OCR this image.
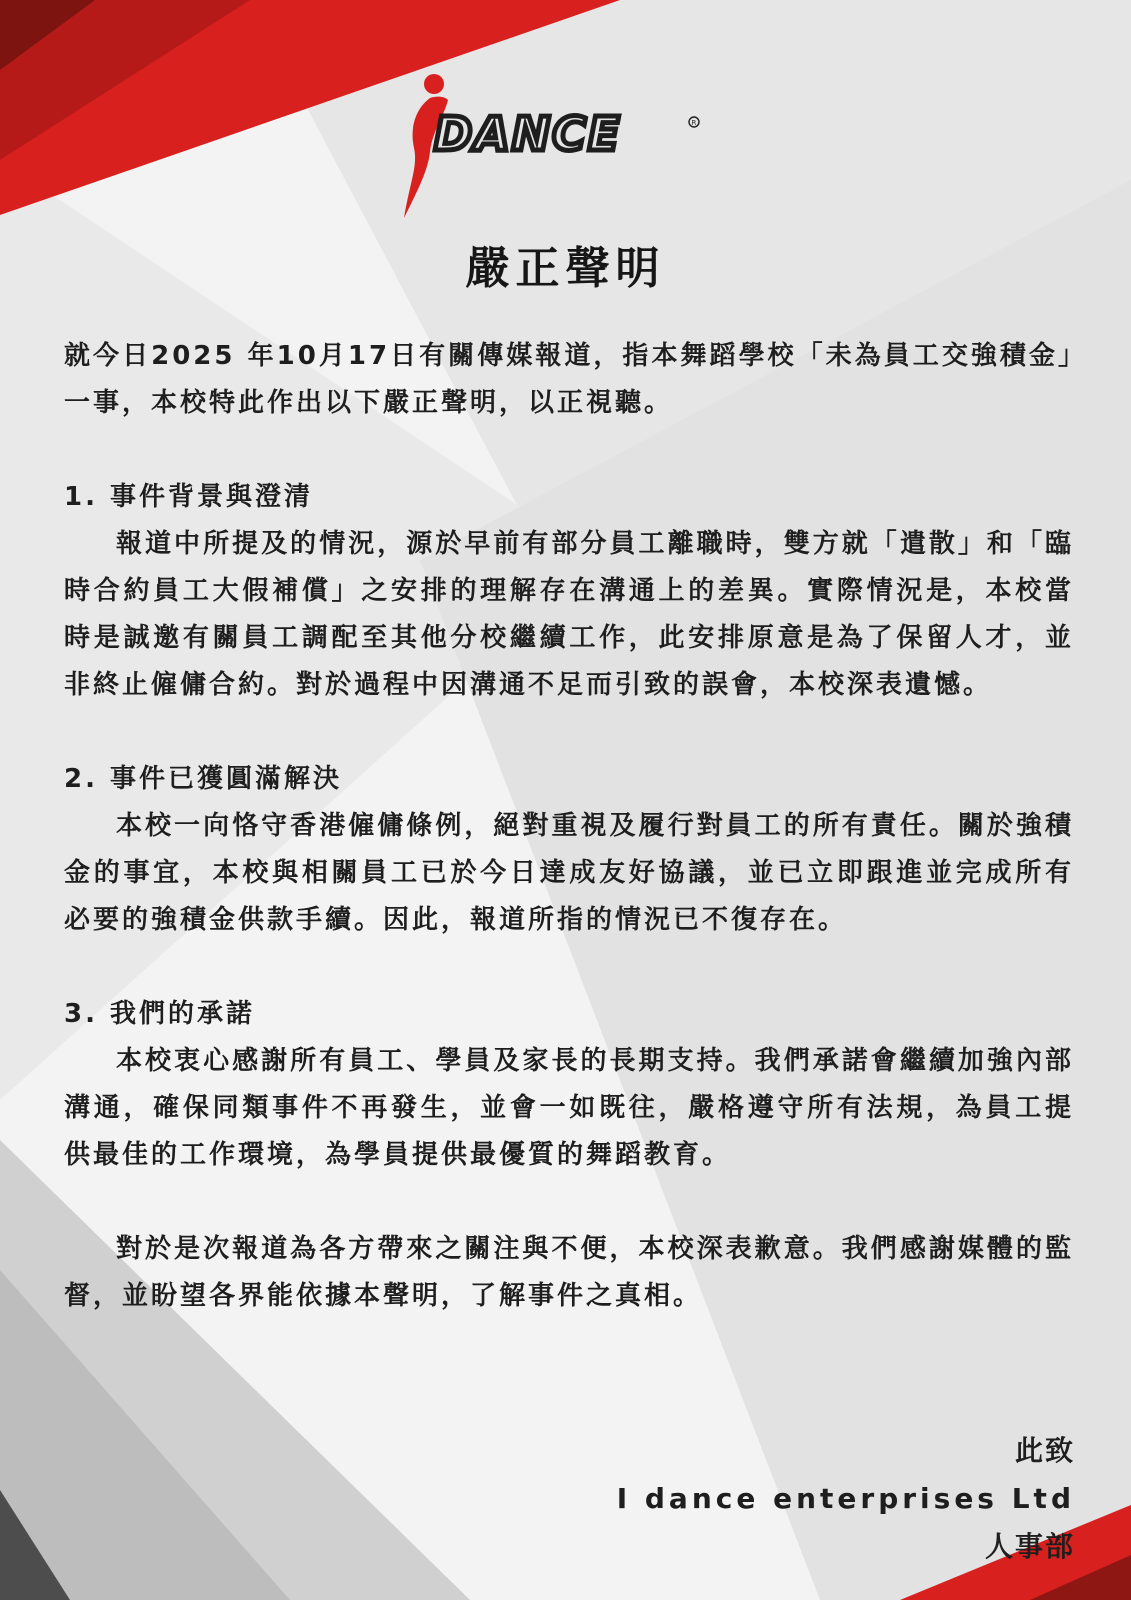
DANCE	R
嚴正聲明

就今日2025 年10月17日有關傳媒報道，指本舞蹈學校「未為員工交強積金」一事，本校特此作出以下嚴正聲明，以正視聽。

1. 事件背景與澄清

報道中所提及的情況，源於早前有部分員工離職時，雙方就「遣散」和「臨時合約員工大假補償」之安排的理解存在溝通上的差異。實際情況是，本校當時是誠邀有關員工調配至其他分校繼續工作，此安排原意是為了保留人才，並非終止僱傭合約。對於過程中因溝通不足而引致的誤會，本校深表遺憾。

2. 事件已獲圓滿解決

本校一向恪守香港僱傭條例，絕對重視及履行對員工的所有責任。關於強積金的事宜，本校與相關員工已於今日達成友好協議，並已立即跟進並完成所有必要的強積金供款手續。因此，報道所指的情況已不復存在。

3. 我們的承諾

本校衷心感謝所有員工、學員及家長的長期支持。我們承諾會繼續加強內部溝通，確保同類事件不再發生，並會一如既往，嚴格遵守所有法規，為員工提供最佳的工作環境，為學員提供最優質的舞蹈教育。

對於是次報道為各方帶來之關注與不便，本校深表歉意。我們感謝媒體的監督，並盼望各界能依據本聲明，了解事件之真相。

此致
I dance enterprises Ltd
人事部
